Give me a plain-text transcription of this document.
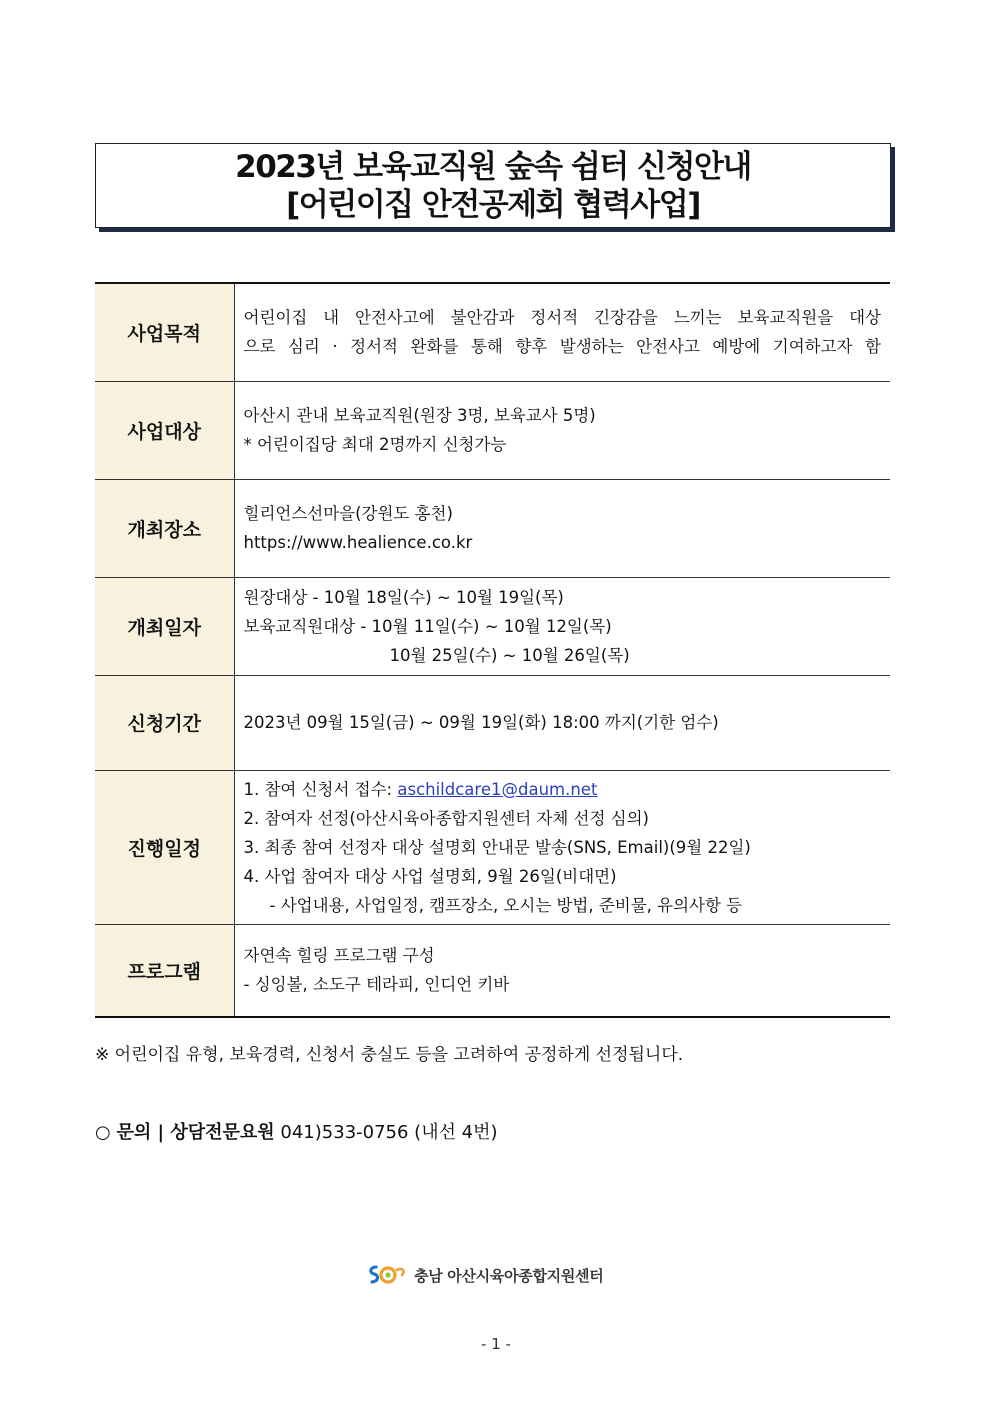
2023년 보육교직원 숲속 쉼터 신청안내
[어린이집 안전공제회 협력사업]
사업목적	어린이집 내 안전사고에 불안감과 정서적 긴장감을 느끼는 보육교직원을 대상
으로 심리 · 정서적 완화를 통해 향후 발생하는 안전사고 예방에 기여하고자 함

사업대상	아산시 관내 보육교직원(원장 3명, 보육교사 5명)
* 어린이집당 최대 2명까지 신청가능

개최장소	힐리언스선마을(강원도 홍천)
https://www.healience.co.kr

개최일자	원장대상 - 10월 18일(수) ~ 10월 19일(목)
보육교직원대상 - 10월 11일(수) ~ 10월 12일(목)
10월 25일(수) ~ 10월 26일(목)

신청기간	2023년 09월 15일(금) ~ 09월 19일(화) 18:00 까지(기한 엄수)

진행일정	1. 참여 신청서 접수: aschildcare1@daum.net
2. 참여자 선정(아산시육아종합지원센터 자체 선정 심의)
3. 최종 참여 선정자 대상 설명회 안내문 발송(SNS, Email)(9월 22일)
4. 사업 참여자 대상 사업 설명회, 9월 26일(비대면)
- 사업내용, 사업일정, 캠프장소, 오시는 방법, 준비물, 유의사항 등

프로그램	자연속 힐링 프로그램 구성
- 싱잉볼, 소도구 테라피, 인디언 키바
※ 어린이집 유형, 보육경력, 신청서 충실도 등을 고려하여 공정하게 선정됩니다.
○ 문의 | 상담전문요원 041)533-0756 (내선 4번)
충남 아산시육아종합지원센터
- 1 -
